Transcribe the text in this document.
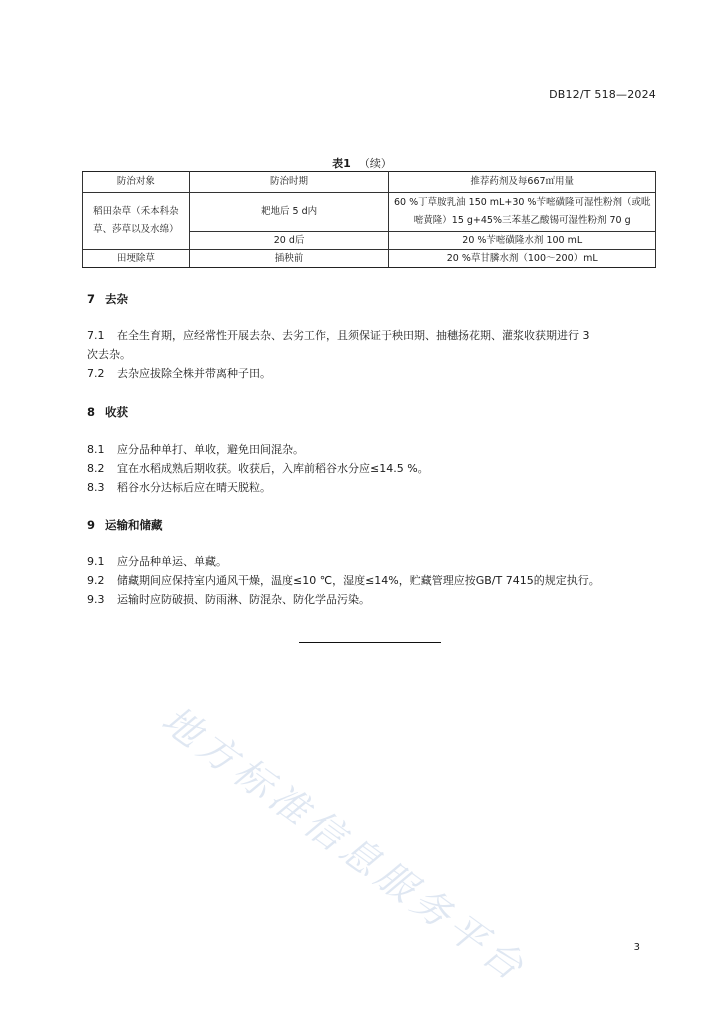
DB12/T 518—2024
表1 （续）
防治对象	防治时期	推荐药剂及每667㎡用量
稻田杂草（禾本科杂草、莎草以及水绵）	耙地后 5 d内	60 %丁草胺乳油 150 mL+30 %苄嘧磺隆可湿性粉剂（或吡嘧黄隆）15 g+45%三苯基乙酸锡可湿性粉剂 70 g
	20 d后	20 %苄嘧磺隆水剂 100 mL
田埂除草	插秧前	20 %草甘膦水剂（100～200）mL
7 去杂
7.1 在全生育期，应经常性开展去杂、去劣工作，且须保证于秧田期、抽穗扬花期、灌浆收获期进行 3
次去杂。
7.2 去杂应拔除全株并带离种子田。
8 收获
8.1 应分品种单打、单收，避免田间混杂。
8.2 宜在水稻成熟后期收获。收获后，入库前稻谷水分应≤14.5 %。
8.3 稻谷水分达标后应在晴天脱粒。
9 运输和储藏
9.1 应分品种单运、单藏。
9.2 储藏期间应保持室内通风干燥，温度≤10 ℃，湿度≤14%，贮藏管理应按GB/T 7415的规定执行。
9.3 运输时应防破损、防雨淋、防混杂、防化学品污染。
地方标准信息服务平台	3
